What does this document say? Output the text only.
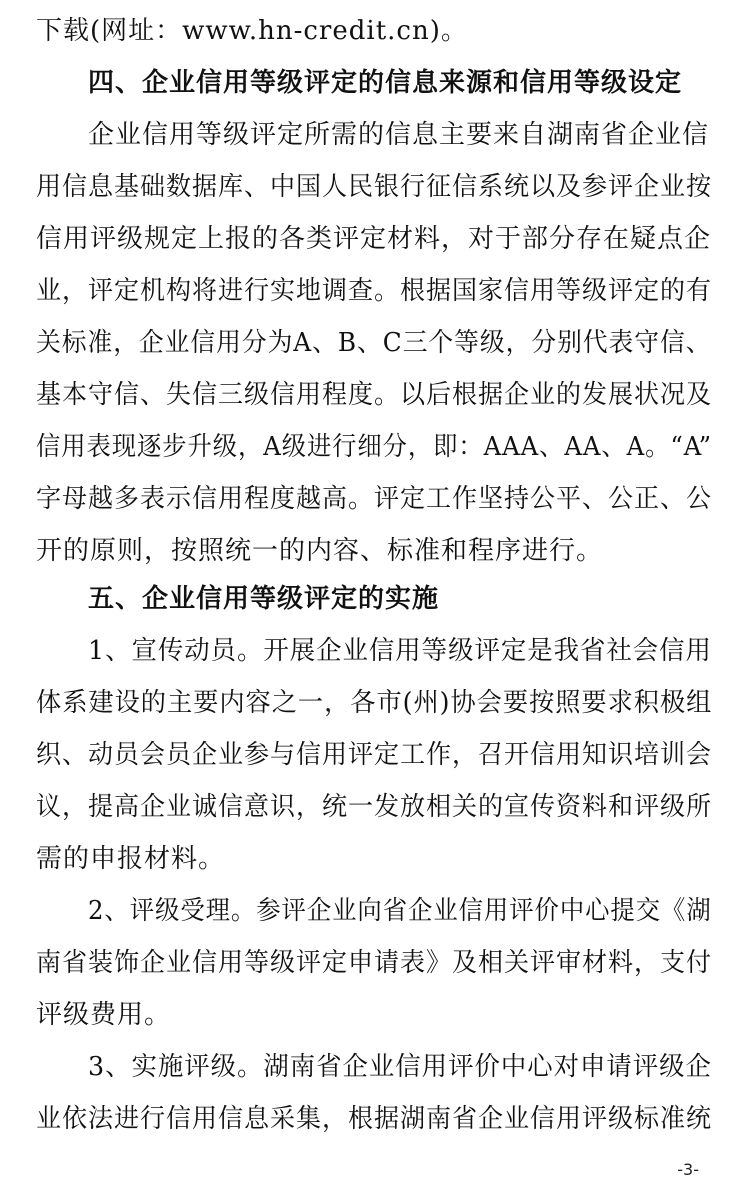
下载(网址：www.hn-credit.cn)。
四、企业信用等级评定的信息来源和信用等级设定
企业信用等级评定所需的信息主要来自湖南省企业信
用信息基础数据库、中国人民银行征信系统以及参评企业按
信用评级规定上报的各类评定材料，对于部分存在疑点企
业，评定机构将进行实地调查。根据国家信用等级评定的有
关标准，企业信用分为A、B、C三个等级，分别代表守信、
基本守信、失信三级信用程度。以后根据企业的发展状况及
信用表现逐步升级，A级进行细分，即：AAA、AA、A。“A”
字母越多表示信用程度越高。评定工作坚持公平、公正、公
开的原则，按照统一的内容、标准和程序进行。
五、企业信用等级评定的实施
1、宣传动员。开展企业信用等级评定是我省社会信用
体系建设的主要内容之一，各市(州)协会要按照要求积极组
织、动员会员企业参与信用评定工作，召开信用知识培训会
议，提高企业诚信意识，统一发放相关的宣传资料和评级所
需的申报材料。
2、评级受理。参评企业向省企业信用评价中心提交《湖
南省装饰企业信用等级评定申请表》及相关评审材料，支付
评级费用。
3、实施评级。湖南省企业信用评价中心对申请评级企
业依法进行信用信息采集，根据湖南省企业信用评级标准统
-3-
